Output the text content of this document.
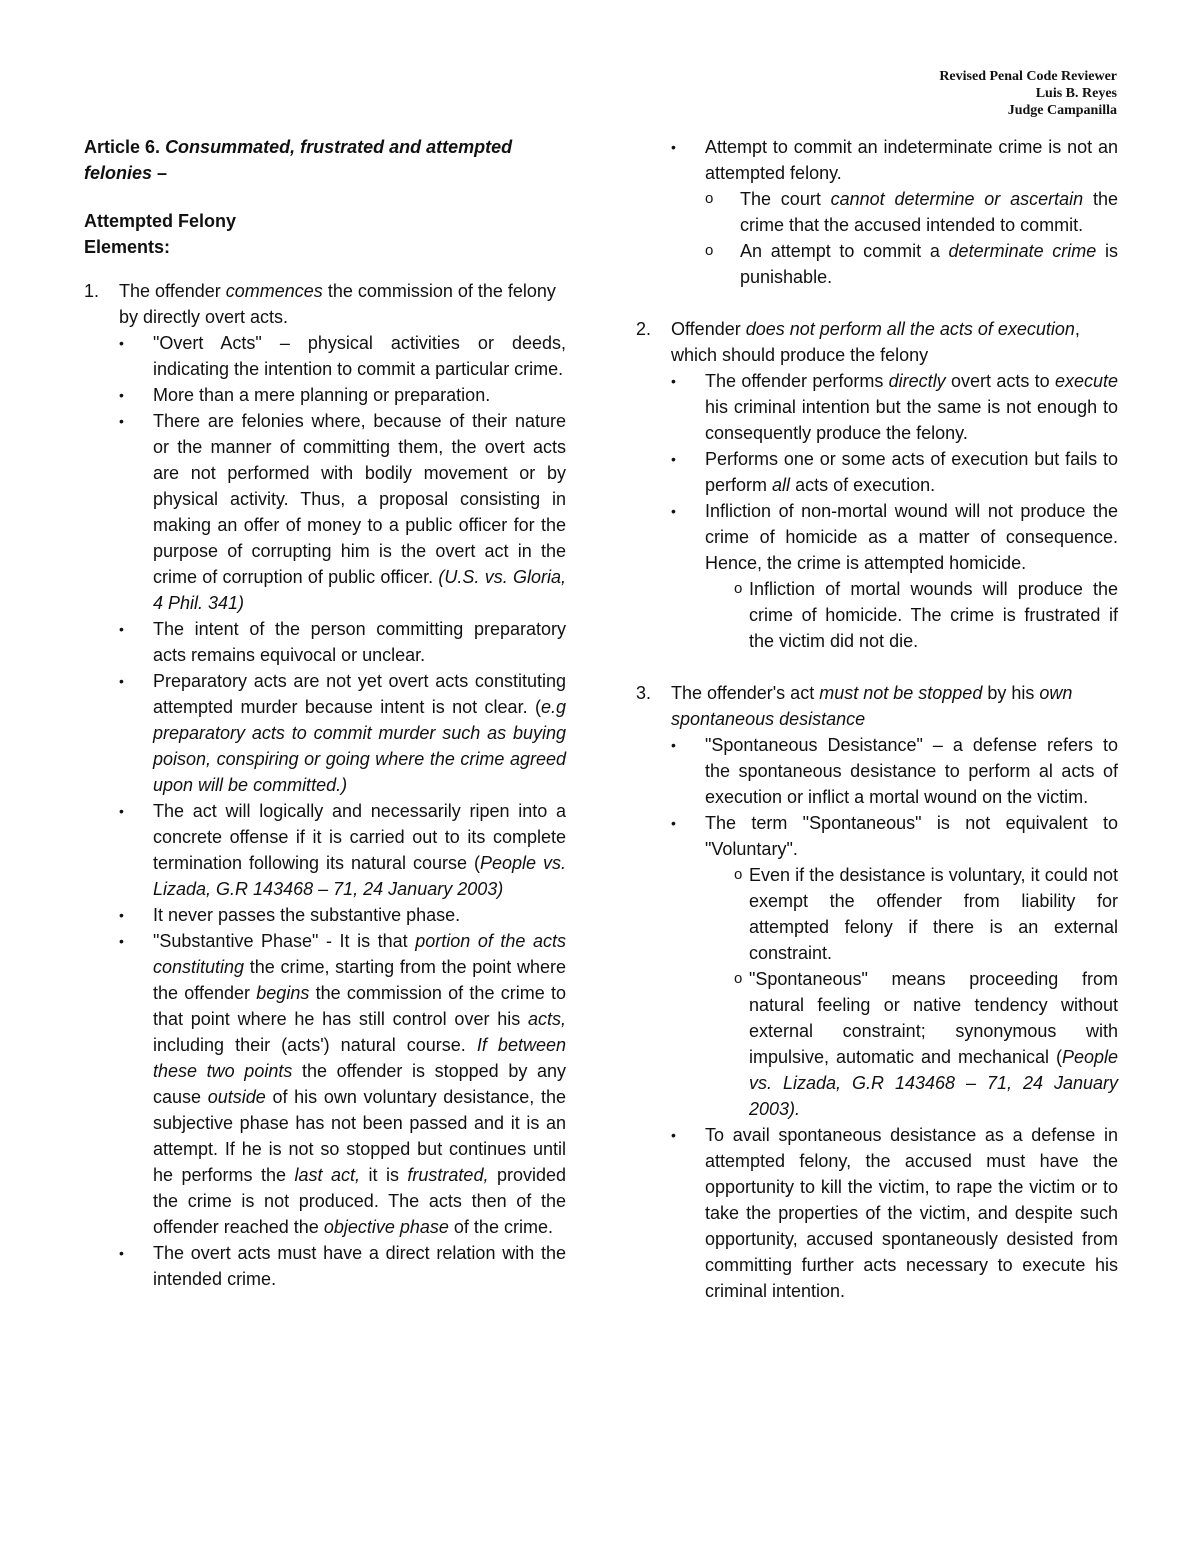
Revised Penal Code Reviewer
Luis B. Reyes
Judge Campanilla

Article 6. Consummated, frustrated and attempted felonies –

Attempted Felony
Elements:
1.	The offender commences the commission of the felony by directly overt acts.
•	"Overt Acts" – physical activities or deeds, indicating the intention to commit a particular crime.
•	More than a mere planning or preparation.
•	There are felonies where, because of their nature or the manner of committing them, the overt acts are not performed with bodily movement or by physical activity. Thus, a proposal consisting in making an offer of money to a public officer for the purpose of corrupting him is the overt act in the crime of corruption of public officer. (U.S. vs. Gloria, 4 Phil. 341)
•	The intent of the person committing preparatory acts remains equivocal or unclear.
•	Preparatory acts are not yet overt acts constituting attempted murder because intent is not clear. (e.g preparatory acts to commit murder such as buying poison, conspiring or going where the crime agreed upon will be committed.)
•	The act will logically and necessarily ripen into a concrete offense if it is carried out to its complete termination following its natural course (People vs. Lizada, G.R 143468 – 71, 24 January 2003)
•	It never passes the substantive phase.
•	"Substantive Phase" - It is that portion of the acts constituting the crime, starting from the point where the offender begins the commission of the crime to that point where he has still control over his acts, including their (acts') natural course. If between these two points the offender is stopped by any cause outside of his own voluntary desistance, the subjective phase has not been passed and it is an attempt. If he is not so stopped but continues until he performs the last act, it is frustrated, provided the crime is not produced. The acts then of the offender reached the objective phase of the crime.
•	The overt acts must have a direct relation with the intended crime.
•	Attempt to commit an indeterminate crime is not an attempted felony.
o	The court cannot determine or ascertain the crime that the accused intended to commit.
o	An attempt to commit a determinate crime is punishable.
2.	Offender does not perform all the acts of execution, which should produce the felony
•	The offender performs directly overt acts to execute his criminal intention but the same is not enough to consequently produce the felony.
•	Performs one or some acts of execution but fails to perform all acts of execution.
•	Infliction of non-mortal wound will not produce the crime of homicide as a matter of consequence. Hence, the crime is attempted homicide.
o Infliction of mortal wounds will produce the crime of homicide. The crime is frustrated if the victim did not die.
3.	The offender's act must not be stopped by his own spontaneous desistance
•	"Spontaneous Desistance" – a defense refers to the spontaneous desistance to perform al acts of execution or inflict a mortal wound on the victim.
•	The term "Spontaneous" is not equivalent to "Voluntary".
o Even if the desistance is voluntary, it could not exempt the offender from liability for attempted felony if there is an external constraint.
o "Spontaneous" means proceeding from natural feeling or native tendency without external constraint; synonymous with impulsive, automatic and mechanical (People vs. Lizada, G.R 143468 – 71, 24 January 2003).
•	To avail spontaneous desistance as a defense in attempted felony, the accused must have the opportunity to kill the victim, to rape the victim or to take the properties of the victim, and despite such opportunity, accused spontaneously desisted from committing further acts necessary to execute his criminal intention.
